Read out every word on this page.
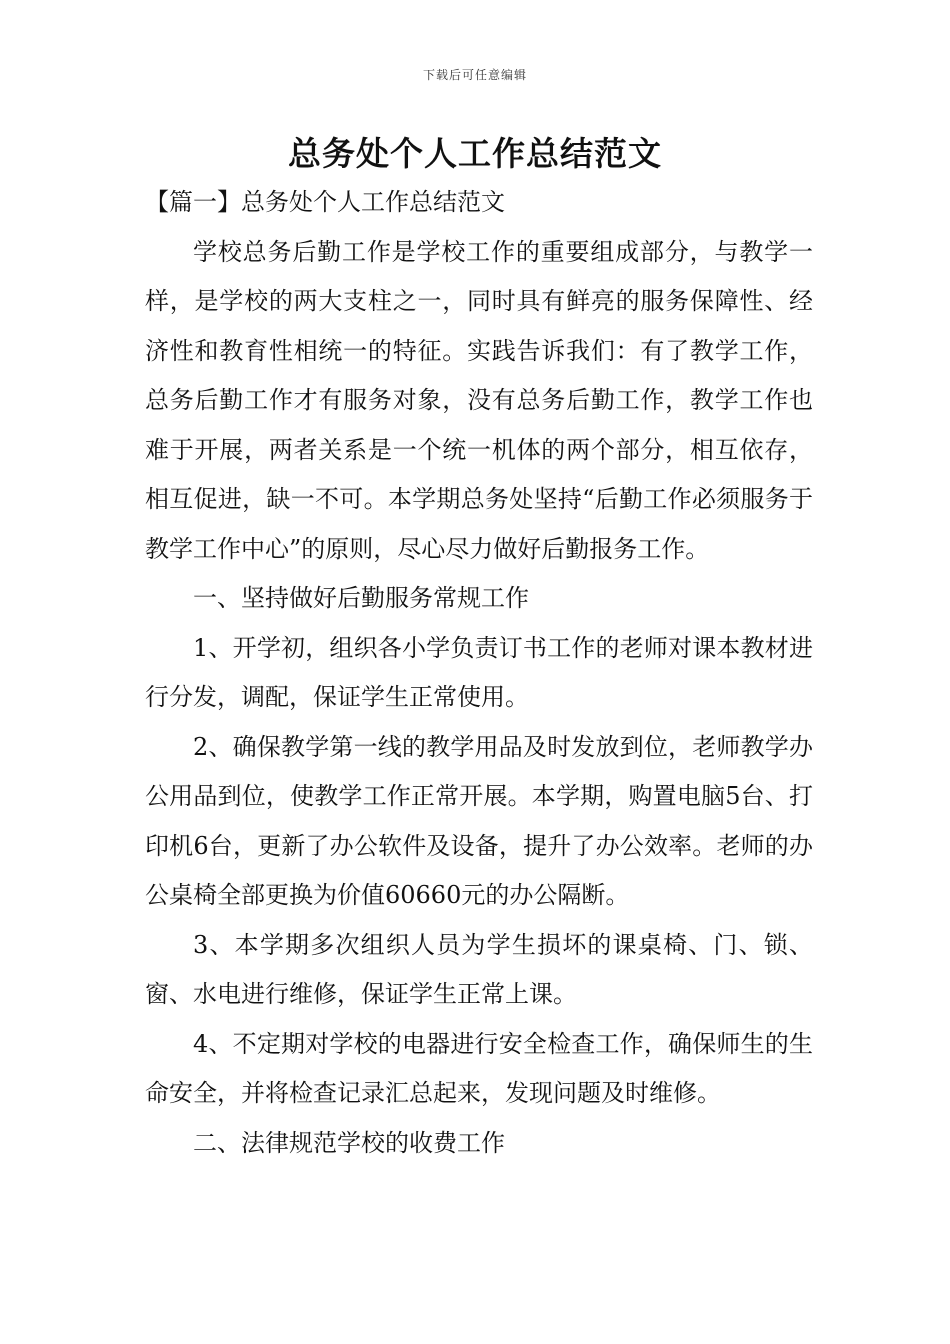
下载后可任意编辑
总务处个人工作总结范文

【篇一】总务处个人工作总结范文

学校总务后勤工作是学校工作的重要组成部分，与教学一样，是学校的两大支柱之一，同时具有鲜亮的服务保障性、经济性和教育性相统一的特征。实践告诉我们：有了教学工作，总务后勤工作才有服务对象，没有总务后勤工作，教学工作也难于开展，两者关系是一个统一机体的两个部分，相互依存，相互促进，缺一不可。本学期总务处坚持“后勤工作必须服务于教学工作中心”的原则，尽心尽力做好后勤报务工作。

一、坚持做好后勤服务常规工作

1、开学初，组织各小学负责订书工作的老师对课本教材进行分发，调配，保证学生正常使用。

2、确保教学第一线的教学用品及时发放到位，老师教学办公用品到位，使教学工作正常开展。本学期，购置电脑5台、打印机6台，更新了办公软件及设备，提升了办公效率。老师的办公桌椅全部更换为价值60660元的办公隔断。

3、本学期多次组织人员为学生损坏的课桌椅、门、锁、窗、水电进行维修，保证学生正常上课。

4、不定期对学校的电器进行安全检查工作，确保师生的生命安全，并将检查记录汇总起来，发现问题及时维修。

二、法律规范学校的收费工作
